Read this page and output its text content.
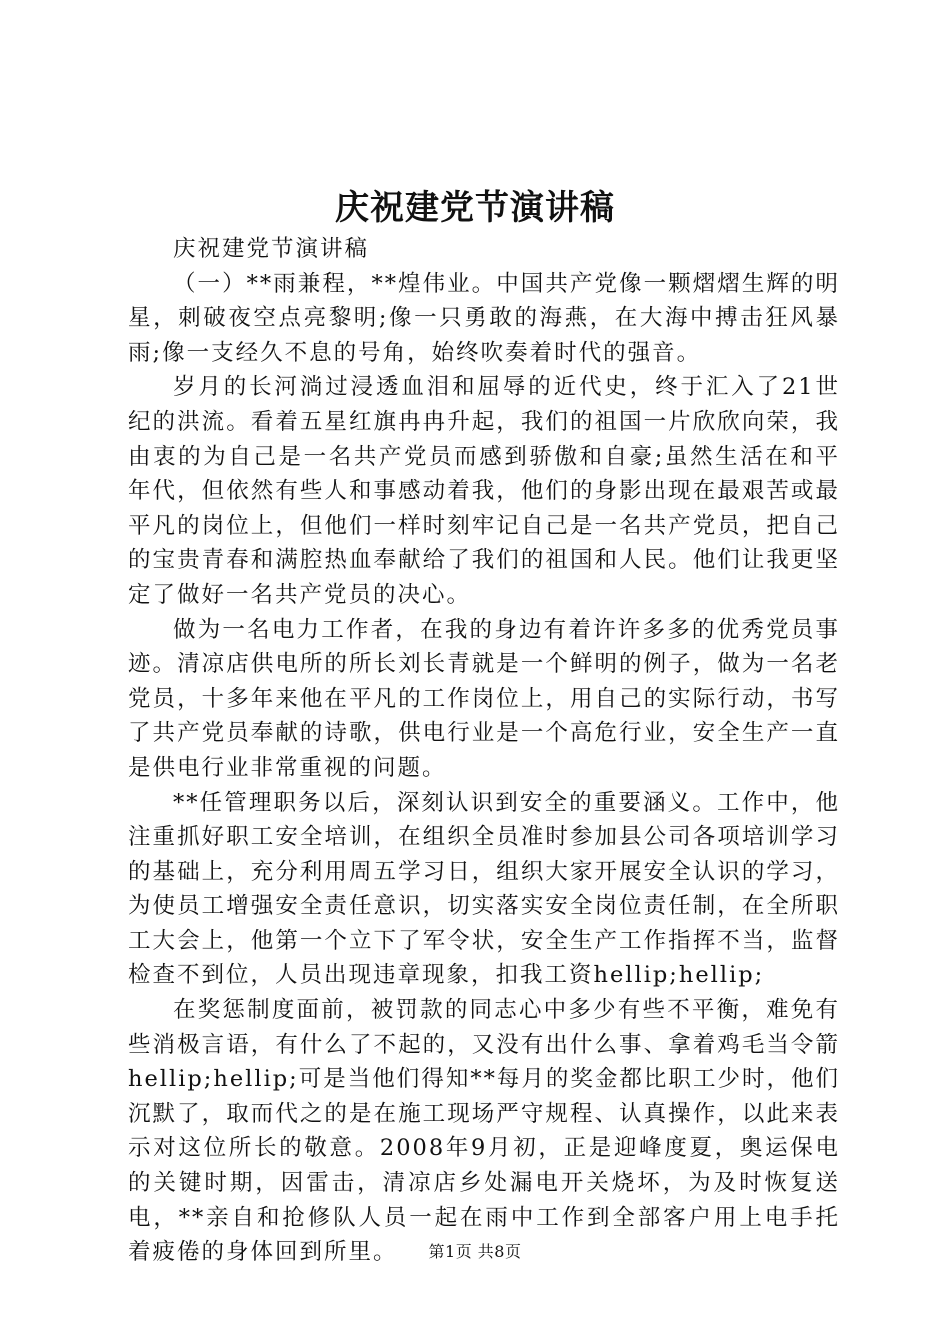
庆祝建党节演讲稿

庆祝建党节演讲稿

（一）**雨兼程，**煌伟业。中国共产党像一颗熠熠生辉的明星，刺破夜空点亮黎明;像一只勇敢的海燕，在大海中搏击狂风暴雨;像一支经久不息的号角，始终吹奏着时代的强音。

岁月的长河淌过浸透血泪和屈辱的近代史，终于汇入了21世纪的洪流。看着五星红旗冉冉升起，我们的祖国一片欣欣向荣，我由衷的为自己是一名共产党员而感到骄傲和自豪;虽然生活在和平年代，但依然有些人和事感动着我，他们的身影出现在最艰苦或最平凡的岗位上，但他们一样时刻牢记自己是一名共产党员，把自己的宝贵青春和满腔热血奉献给了我们的祖国和人民。他们让我更坚定了做好一名共产党员的决心。

做为一名电力工作者，在我的身边有着许许多多的优秀党员事迹。清凉店供电所的所长刘长青就是一个鲜明的例子，做为一名老党员，十多年来他在平凡的工作岗位上，用自己的实际行动，书写了共产党员奉献的诗歌，供电行业是一个高危行业，安全生产一直是供电行业非常重视的问题。

**任管理职务以后，深刻认识到安全的重要涵义。工作中，他注重抓好职工安全培训，在组织全员准时参加县公司各项培训学习的基础上，充分利用周五学习日，组织大家开展安全认识的学习，为使员工增强安全责任意识，切实落实安全岗位责任制，在全所职工大会上，他第一个立下了军令状，安全生产工作指挥不当，监督检查不到位，人员出现违章现象，扣我工资hellip;hellip;

在奖惩制度面前，被罚款的同志心中多少有些不平衡，难免有些消极言语，有什么了不起的，又没有出什么事、拿着鸡毛当令箭hellip;hellip;可是当他们得知**每月的奖金都比职工少时，他们沉默了，取而代之的是在施工现场严守规程、认真操作，以此来表示对这位所长的敬意。2008年9月初，正是迎峰度夏，奥运保电的关键时期，因雷击，清凉店乡处漏电开关烧坏，为及时恢复送电，**亲自和抢修队人员一起在雨中工作到全部客户用上电手托着疲倦的身体回到所里。	第1页 共8页
